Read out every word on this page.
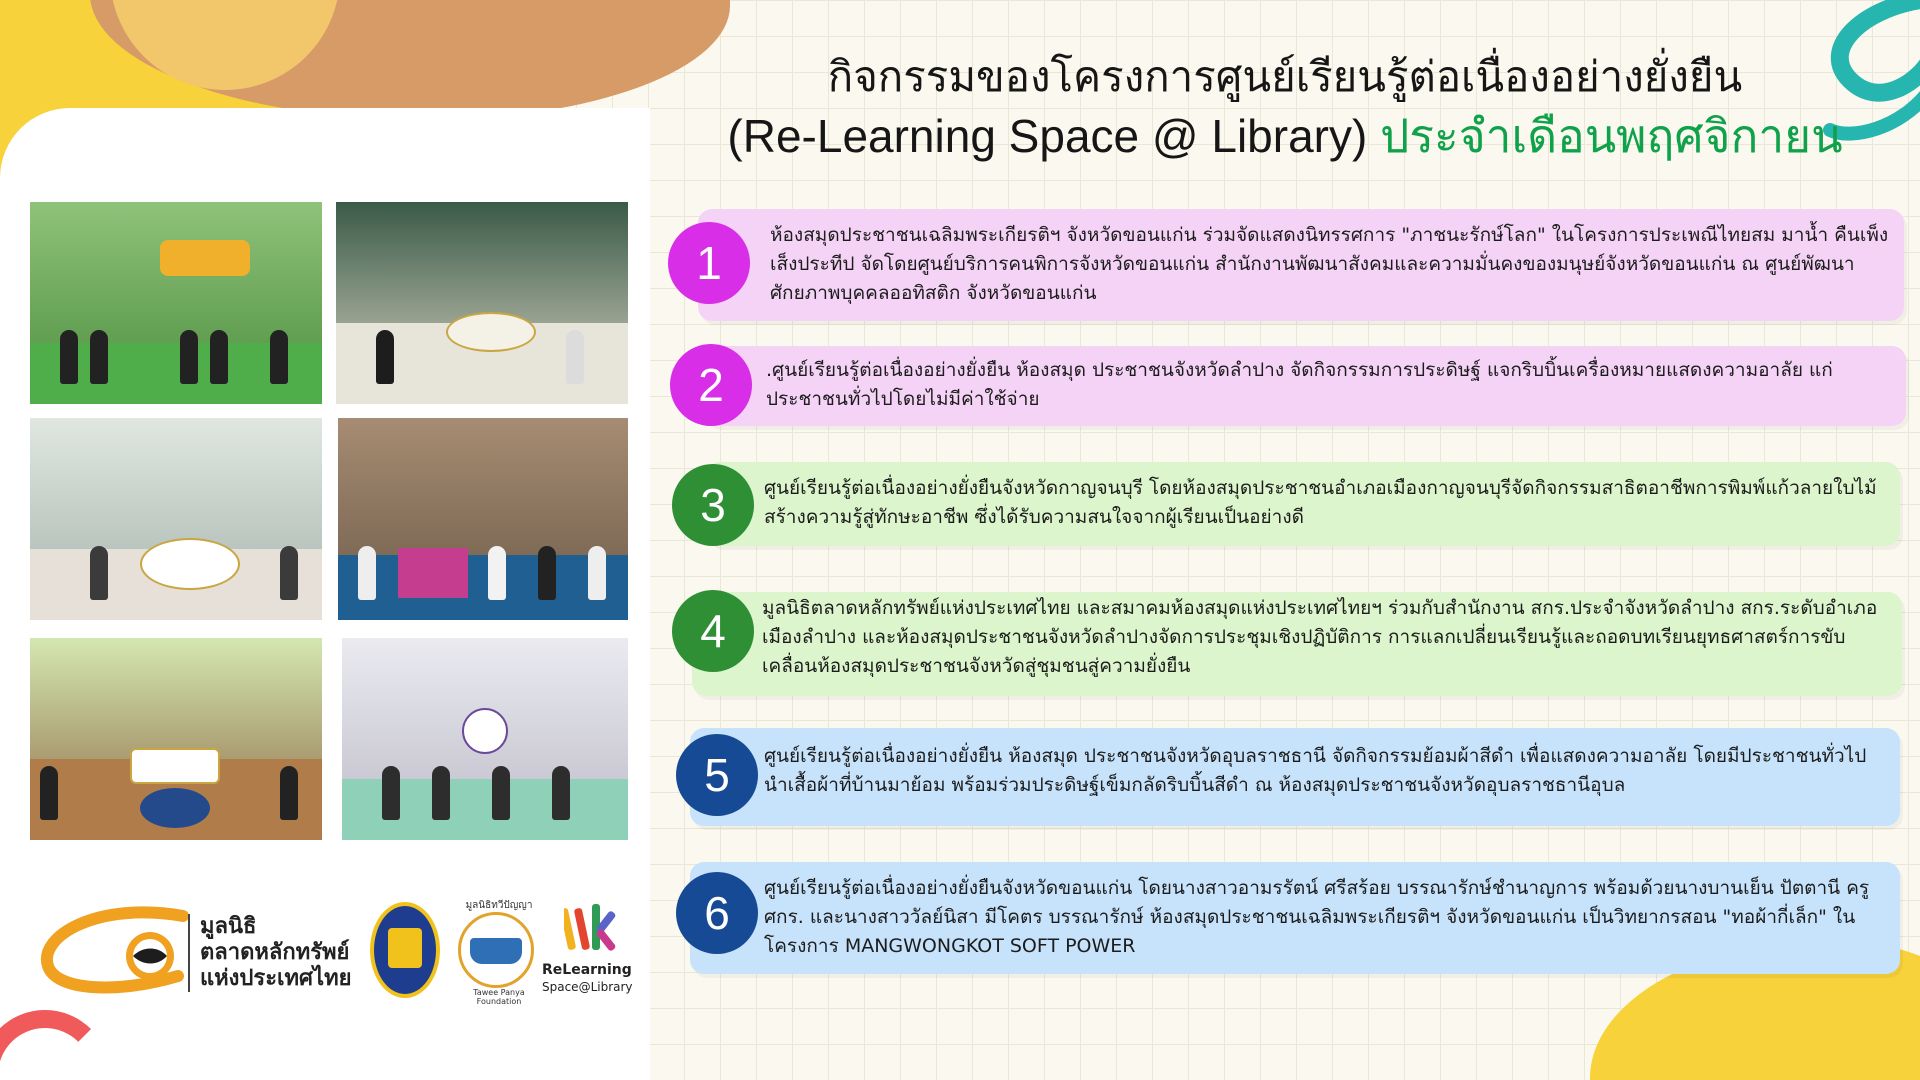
กิจกรรมของโครงการศูนย์เรียนรู้ต่อเนื่องอย่างยั่งยืน
(Re-Learning Space @ Library) ประจำเดือนพฤศจิกายน
มูลนิธิ
ตลาดหลักทรัพย์
แห่งประเทศไทย
มูลนิธิทวีปัญญา
Tawee Panya Foundation
ReLearning
Space@Library
1
ห้องสมุดประชาชนเฉลิมพระเกียรติฯ จังหวัดขอนแก่น ร่วมจัดแสดงนิทรรศการ "ภาชนะรักษ์โลก" ในโครงการประเพณีไทยสม มาน้ำ คืนเพ็ง เส็งประทีป จัดโดยศูนย์บริการคนพิการจังหวัดขอนแก่น สำนักงานพัฒนาสังคมและความมั่นคงของมนุษย์จังหวัดขอนแก่น ณ ศูนย์พัฒนาศักยภาพบุคคลออทิสติก จังหวัดขอนแก่น
2	.ศูนย์เรียนรู้ต่อเนื่องอย่างยั่งยืน ห้องสมุด ประชาชนจังหวัดลำปาง จัดกิจกรรมการประดิษฐ์ แจกริบบิ้นเครื่องหมายแสดงความอาลัย แก่ประชาชนทั่วไปโดยไม่มีค่าใช้จ่าย
3	ศูนย์เรียนรู้ต่อเนื่องอย่างยั่งยืนจังหวัดกาญจนบุรี โดยห้องสมุดประชาชนอำเภอเมืองกาญจนบุรีจัดกิจกรรมสาธิตอาชีพการพิมพ์แก้วลายใบไม้ สร้างความรู้สู่ทักษะอาชีพ ซึ่งได้รับความสนใจจากผู้เรียนเป็นอย่างดี
4	มูลนิธิตลาดหลักทรัพย์แห่งประเทศไทย และสมาคมห้องสมุดแห่งประเทศไทยฯ ร่วมกับสำนักงาน สกร.ประจำจังหวัดลำปาง สกร.ระดับอำเภอเมืองลำปาง และห้องสมุดประชาชนจังหวัดลำปางจัดการประชุมเชิงปฏิบัติการ การแลกเปลี่ยนเรียนรู้และถอดบทเรียนยุทธศาสตร์การขับเคลื่อนห้องสมุดประชาชนจังหวัดสู่ชุมชนสู่ความยั่งยืน
5	ศูนย์เรียนรู้ต่อเนื่องอย่างยั่งยืน ห้องสมุด ประชาชนจังหวัดอุบลราชธานี จัดกิจกรรมย้อมผ้าสีดำ เพื่อแสดงความอาลัย โดยมีประชาชนทั่วไป นำเสื้อผ้าที่บ้านมาย้อม พร้อมร่วมประดิษฐ์เข็มกลัดริบบิ้นสีดำ ณ ห้องสมุดประชาชนจังหวัดอุบลราชธานีอุบล
6	ศูนย์เรียนรู้ต่อเนื่องอย่างยั่งยืนจังหวัดขอนแก่น โดยนางสาวอามรรัตน์ ศรีสร้อย บรรณารักษ์ชำนาญการ พร้อมด้วยนางบานเย็น ปัตตานี ครู ศกร. และนางสาววัลย์นิสา มีโคตร บรรณารักษ์ ห้องสมุดประชาชนเฉลิมพระเกียรติฯ จังหวัดขอนแก่น เป็นวิทยากรสอน "ทอผ้ากี่เล็ก" ในโครงการ MANGWONGKOT SOFT POWER
